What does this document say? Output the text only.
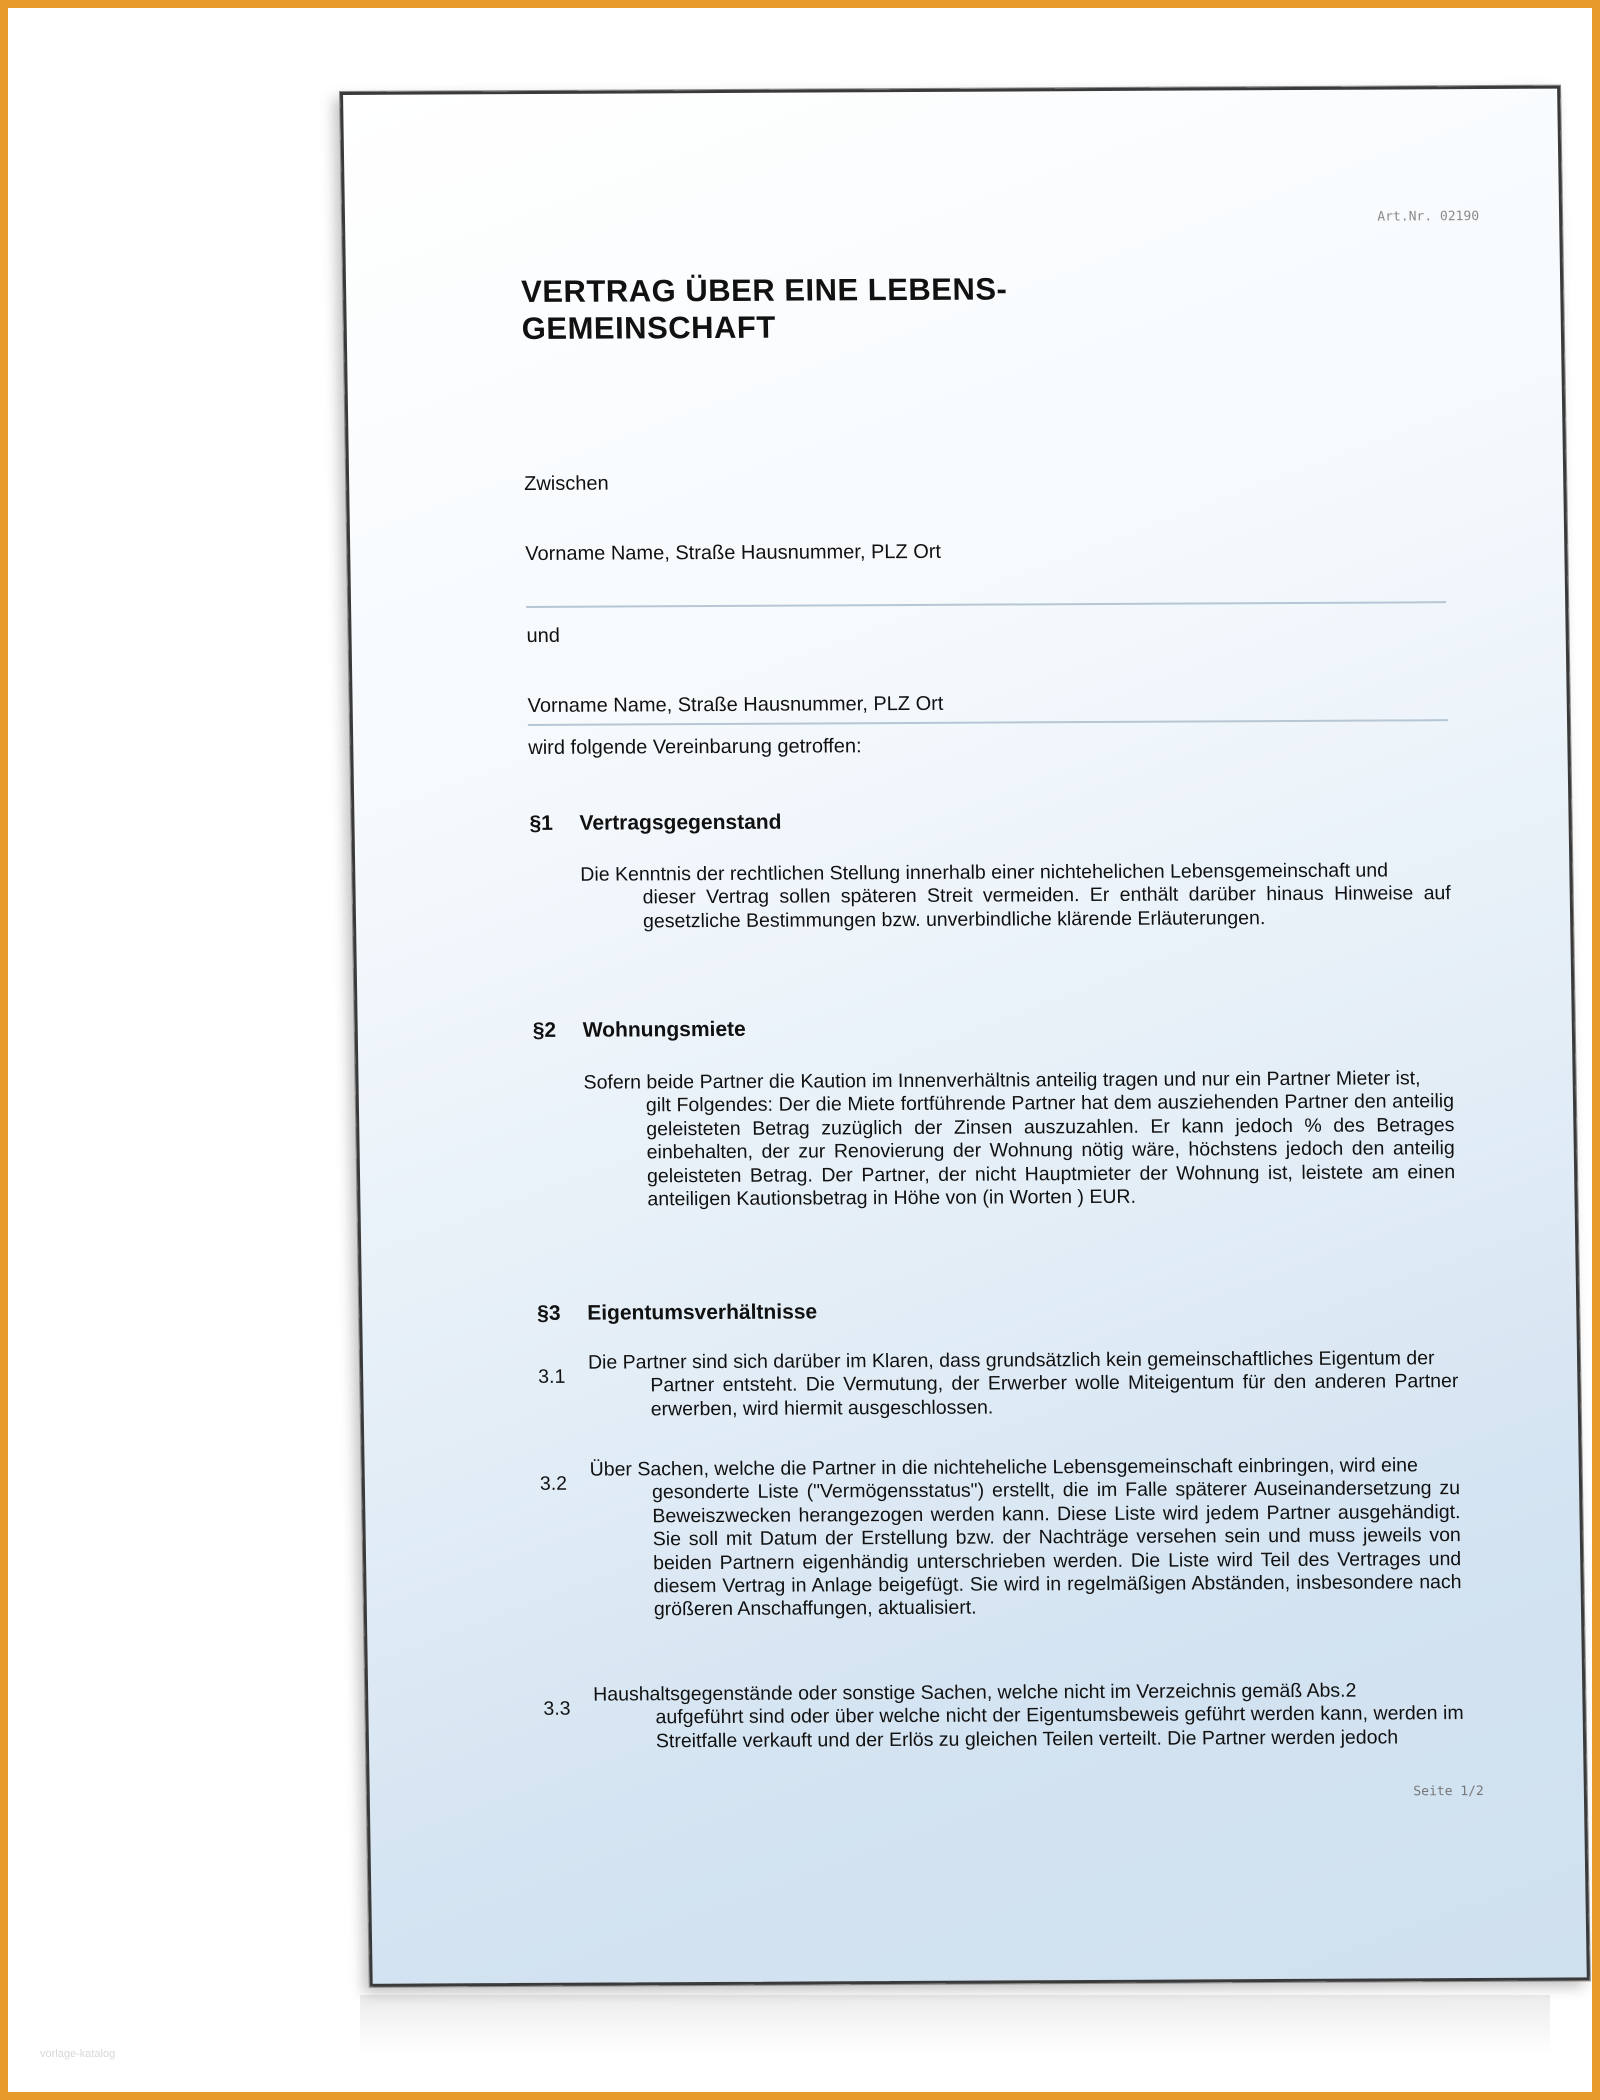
Art.Nr. 02190
VERTRAG ÜBER EINE LEBENS-
GEMEINSCHAFT
Zwischen
Vorname Name, Straße Hausnummer, PLZ Ort
und
Vorname Name, Straße Hausnummer, PLZ Ort
wird folgende Vereinbarung getroffen:
§1 Vertragsgegenstand
Die Kenntnis der rechtlichen Stellung innerhalb einer nichtehelichen Lebensgemeinschaft und
dieser Vertrag sollen späteren Streit vermeiden. Er enthält darüber hinaus Hinweise auf gesetzliche Bestimmungen bzw. unverbindliche klärende Erläuterungen.
§2 Wohnungsmiete
Sofern beide Partner die Kaution im Innenverhältnis anteilig tragen und nur ein Partner Mieter ist,
gilt Folgendes: Der die Miete fortführende Partner hat dem ausziehenden Partner den anteilig geleisteten Betrag zuzüglich der Zinsen auszuzahlen. Er kann jedoch % des Betrages einbehalten, der zur Renovierung der Wohnung nötig wäre, höchstens jedoch den anteilig geleisteten Betrag. Der Partner, der nicht Hauptmieter der Wohnung ist, leistete am einen anteiligen Kautionsbetrag in Höhe von (in Worten ) EUR.
§3 Eigentumsverhältnisse
3.1
Die Partner sind sich darüber im Klaren, dass grundsätzlich kein gemeinschaftliches Eigentum der
Partner entsteht. Die Vermutung, der Erwerber wolle Miteigentum für den anderen Partner erwerben, wird hiermit ausgeschlossen.
3.2
Über Sachen, welche die Partner in die nichteheliche Lebensgemeinschaft einbringen, wird eine
gesonderte Liste ("Vermögensstatus") erstellt, die im Falle späterer Auseinandersetzung zu Beweiszwecken herangezogen werden kann. Diese Liste wird jedem Partner ausgehändigt. Sie soll mit Datum der Erstellung bzw. der Nachträge versehen sein und muss jeweils von beiden Partnern eigenhändig unterschrieben werden. Die Liste wird Teil des Vertrages und diesem Vertrag in Anlage beigefügt. Sie wird in regelmäßigen Abständen, insbesondere nach größeren Anschaffungen, aktualisiert.
3.3
Haushaltsgegenstände oder sonstige Sachen, welche nicht im Verzeichnis gemäß Abs.2
aufgeführt sind oder über welche nicht der Eigentumsbeweis geführt werden kann, werden im Streitfalle verkauft und der Erlös zu gleichen Teilen verteilt. Die Partner werden jedoch
Seite 1/2
vorlage-katalog
